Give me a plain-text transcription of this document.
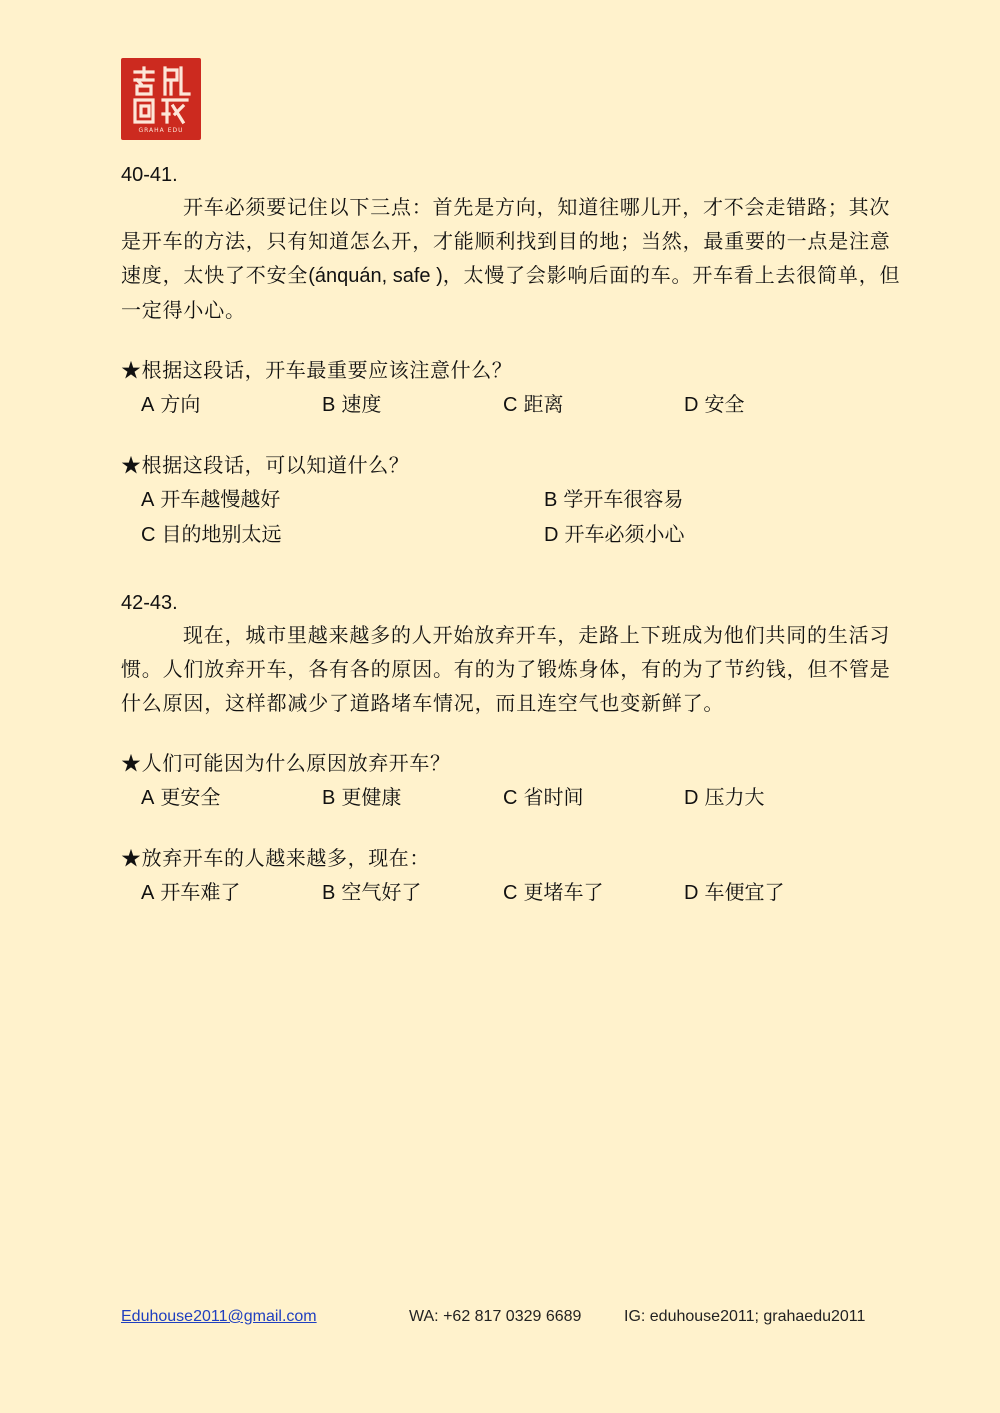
GRAHA EDU
40-41.

开车必须要记住以下三点：首先是方向，知道往哪儿开，才不会走错路；其次是开车的方法，只有知道怎么开，才能顺利找到目的地；当然，最重要的一点是注意速度，太快了不安全(ánquán, safe )，太慢了会影响后面的车。开车看上去很简单，但一定得小心。

★根据这段话，开车最重要应该注意什么？
A 方向	B 速度	C 距离	D 安全
★根据这段话，可以知道什么？
A 开车越慢越好	B 学开车很容易
C 目的地别太远	D 开车必须小心
42-43.

现在，城市里越来越多的人开始放弃开车，走路上下班成为他们共同的生活习惯。人们放弃开车，各有各的原因。有的为了锻炼身体，有的为了节约钱，但不管是什么原因，这样都减少了道路堵车情况，而且连空气也变新鲜了。

★人们可能因为什么原因放弃开车？
A 更安全	B 更健康	C 省时间	D 压力大
★放弃开车的人越来越多，现在：
A 开车难了	B 空气好了	C 更堵车了	D 车便宜了
Eduhouse2011@gmail.com	WA: +62 817 0329 6689	IG: eduhouse2011; grahaedu2011
